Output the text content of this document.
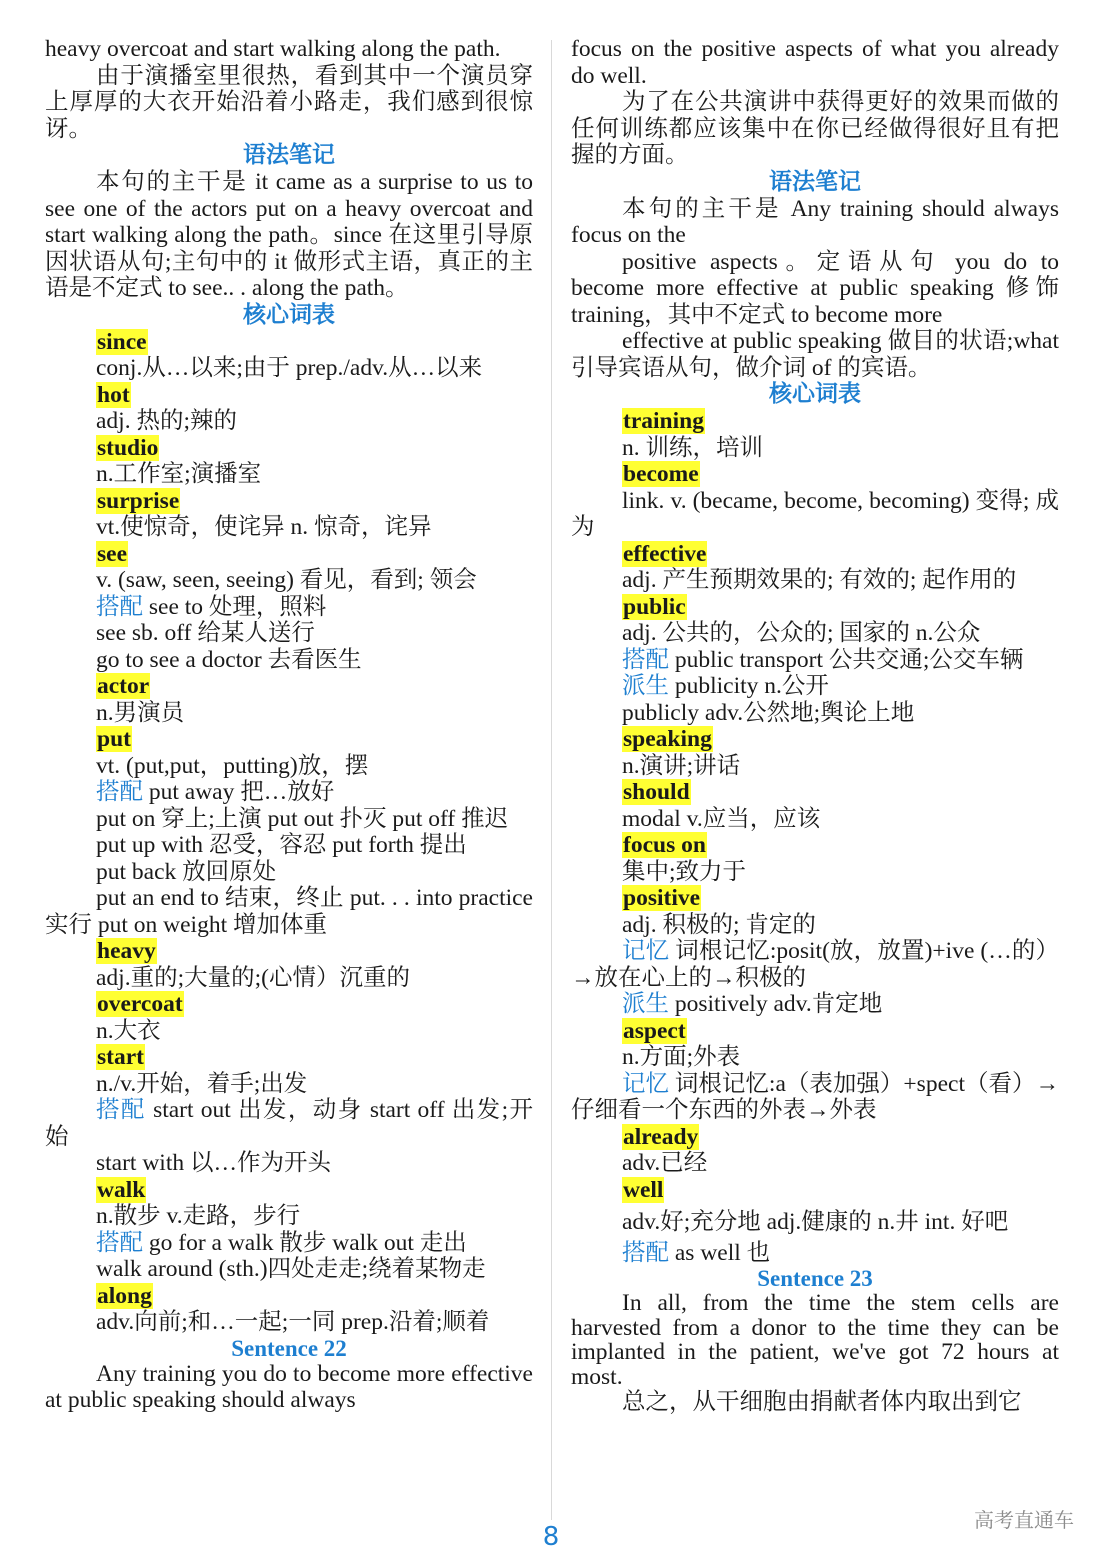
heavy overcoat and start walking along the path.
由于演播室里很热，看到其中一个演员穿上厚厚的大衣开始沿着小路走，我们感到很惊讶。
语法笔记
本句的主干是 it came as a surprise to us to see one of the actors put on a heavy overcoat and start walking along the path。since 在这里引导原因状语从句;主句中的 it 做形式主语，真正的主语是不定式 to see.. . along the path。
核心词表
since
conj.从…以来;由于 prep./adv.从…以来
hot
adj. 热的;辣的
studio
n.工作室;演播室
surprise
vt.使惊奇，使诧异 n. 惊奇，诧异
see
v. (saw, seen, seeing) 看见，看到; 领会
搭配 see to 处理，照料
see sb. off 给某人送行
go to see a doctor 去看医生
actor
n.男演员
put
vt. (put,put，putting)放，摆
搭配 put away 把…放好
put on 穿上;上演 put out 扑灭 put off 推迟
put up with 忍受，容忍 put forth 提出
put back 放回原处
put an end to 结束，终止 put. . . into practice 实行 put on weight 增加体重
heavy
adj.重的;大量的;(心情）沉重的
overcoat
n.大衣
start
n./v.开始，着手;出发
搭配 start out 出发，动身 start off 出发;开始
start with 以…作为开头
walk
n.散步 v.走路，步行
搭配 go for a walk 散步 walk out 走出
walk around (sth.)四处走走;绕着某物走
along
adv.向前;和…一起;一同 prep.沿着;顺着
Sentence 22
Any training you do to become more effective at public speaking should always
focus on the positive aspects of what you already do well.
为了在公共演讲中获得更好的效果而做的任何训练都应该集中在你已经做得很好且有把握的方面。
语法笔记
本句的主干是 Any training should always focus on the
positive aspects。定语从句 you do to become more effective at public speaking 修饰 training，其中不定式 to become more
effective at public speaking 做目的状语;what 引导宾语从句，做介词 of 的宾语。
核心词表
training
n. 训练，培训
become
link. v. (became, become, becoming) 变得; 成为
effective
adj. 产生预期效果的; 有效的; 起作用的
public
adj. 公共的，公众的; 国家的 n.公众
搭配 public transport 公共交通;公交车辆
派生 publicity n.公开
publicly adv.公然地;舆论上地
speaking
n.演讲;讲话
should
modal v.应当，应该
focus on
集中;致力于
positive
adj. 积极的; 肯定的
记忆 词根记忆:posit(放，放置)+ive (…的）→放在心上的→积极的
派生 positively adv.肯定地
aspect
n.方面;外表
记忆 词根记忆:a（表加强）+spect（看）→仔细看一个东西的外表→外表
already
adv.已经
well
adv.好;充分地 adj.健康的 n.井 int. 好吧
搭配 as well 也
Sentence 23
In all, from the time the stem cells are harvested from a donor to the time they can be implanted in the patient, we've got 72 hours at most.
总之，从干细胞由捐献者体内取出到它
8
高考直通车
